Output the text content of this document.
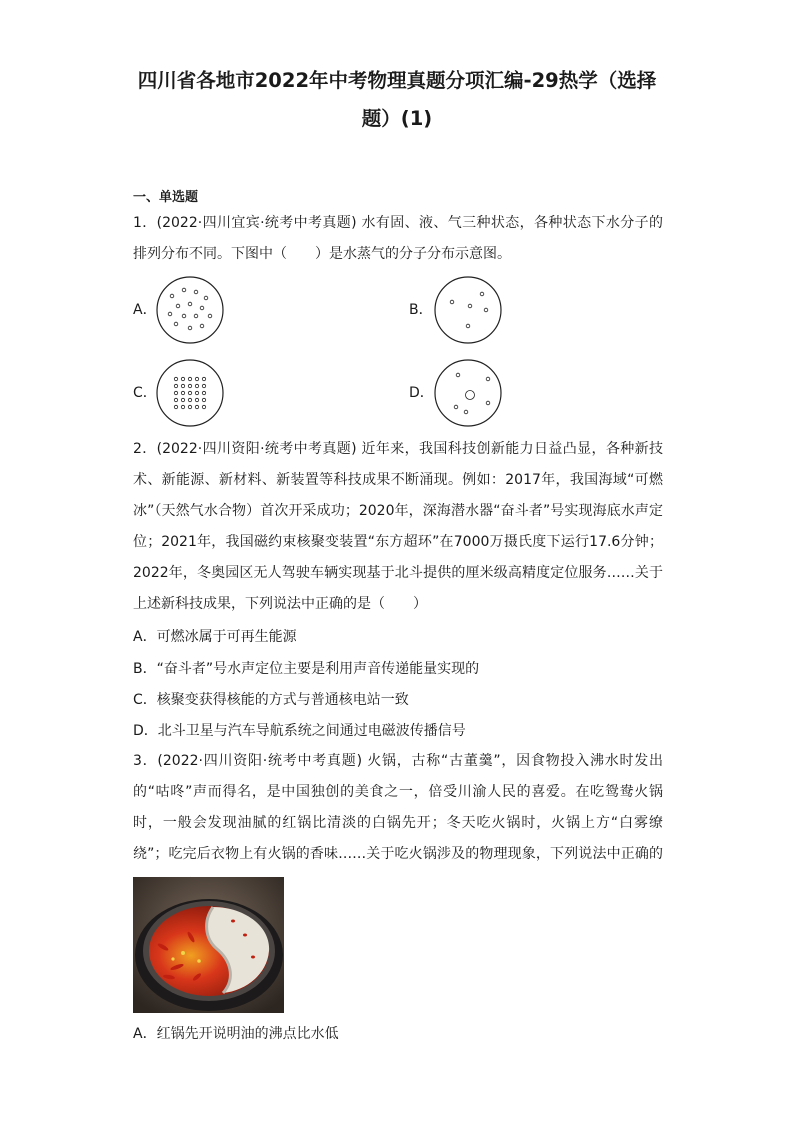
四川省各地市2022年中考物理真题分项汇编-29热学（选择
题）(1)

一、单选题

1．(2022·四川宜宾·统考中考真题) 水有固、液、气三种状态，各种状态下水分子的排列分布不同。下图中（　　）是水蒸气的分子分布示意图。

A．	B．
C．	D．

2．(2022·四川资阳·统考中考真题) 近年来，我国科技创新能力日益凸显，各种新技术、新能源、新材料、新装置等科技成果不断涌现。例如：2017年，我国海域“可燃冰”（天然气水合物）首次开采成功；2020年，深海潜水器“奋斗者”号实现海底水声定位；2021年，我国磁约束核聚变装置“东方超环”在7000万摄氏度下运行17.6分钟；2022年，冬奥园区无人驾驶车辆实现基于北斗提供的厘米级高精度定位服务……关于上述新科技成果，下列说法中正确的是（　　）

A．可燃冰属于可再生能源

B．“奋斗者”号水声定位主要是利用声音传递能量实现的

C．核聚变获得核能的方式与普通核电站一致

D．北斗卫星与汽车导航系统之间通过电磁波传播信号

3．(2022·四川资阳·统考中考真题) 火锅，古称“古董羹”，因食物投入沸水时发出的“咕咚”声而得名，是中国独创的美食之一，倍受川渝人民的喜爱。在吃鸳鸯火锅时，一般会发现油腻的红锅比清淡的白锅先开；冬天吃火锅时，火锅上方“白雾缭绕”；吃完后衣物上有火锅的香味……关于吃火锅涉及的物理现象，下列说法中正确的　　

A．红锅先开说明油的沸点比水低
